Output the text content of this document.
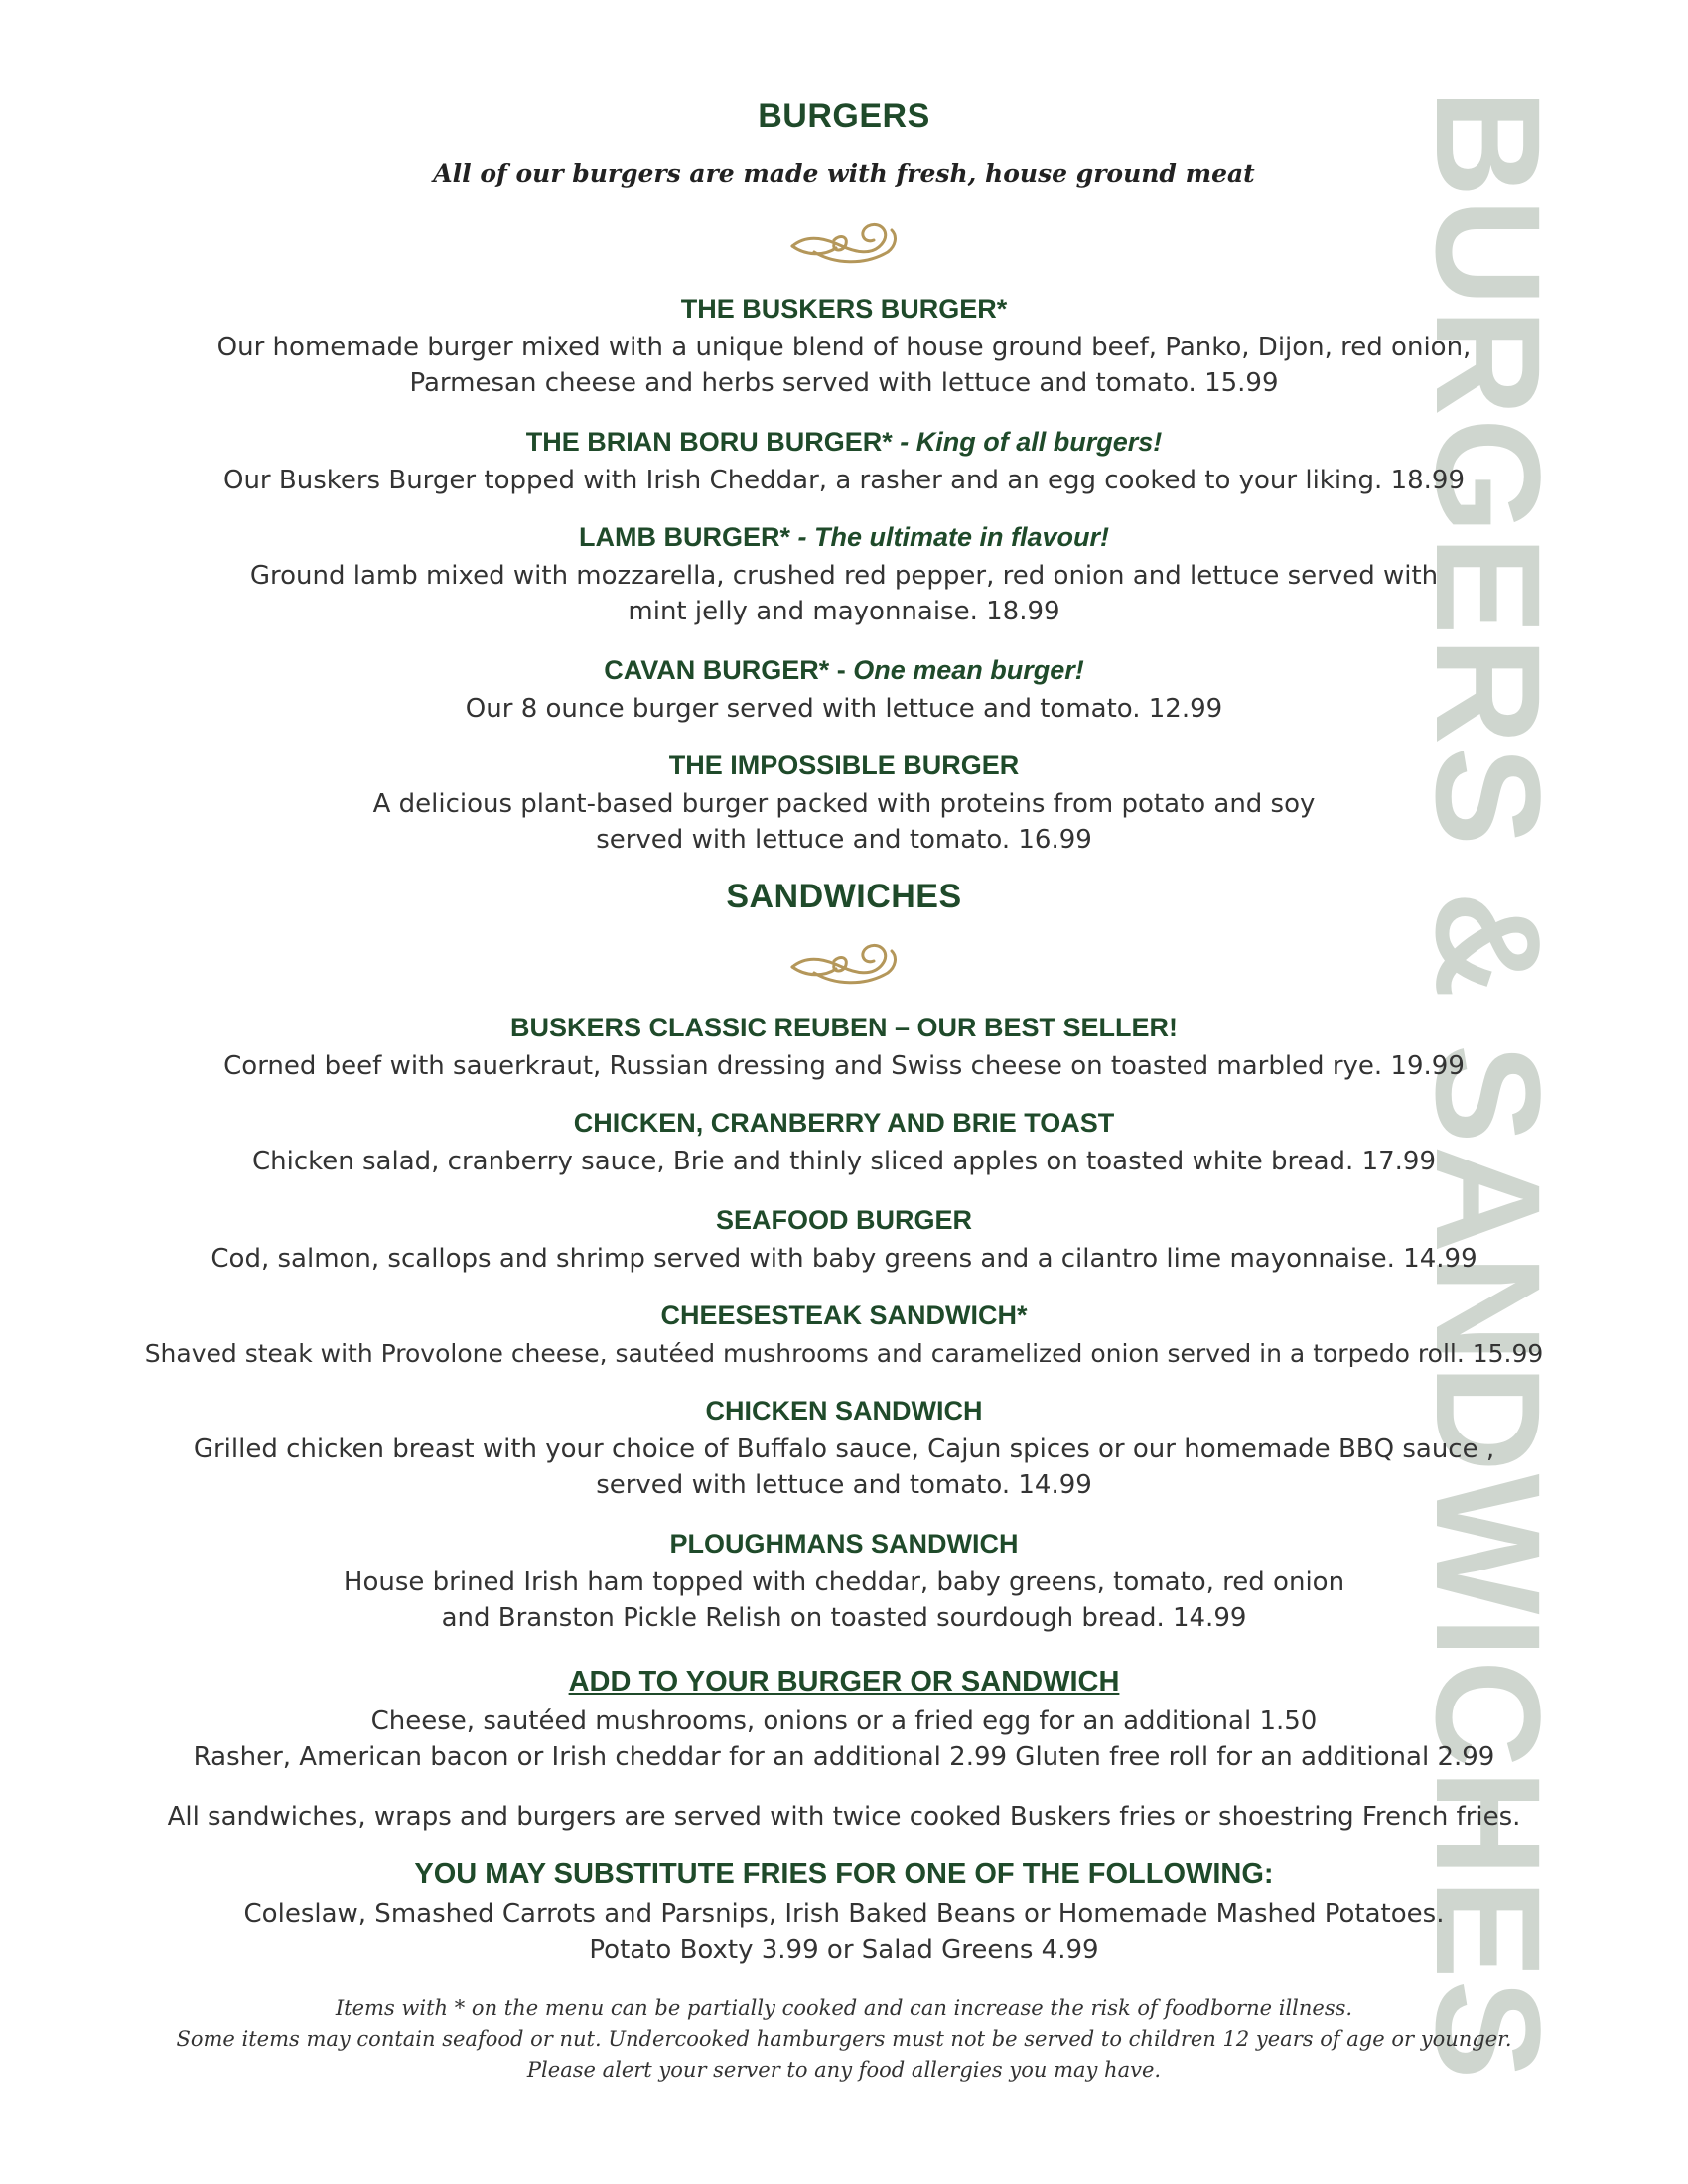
BURGERS & SANDWICHES
BURGERS
All of our burgers are made with fresh, house ground meat
THE BUSKERS BURGER*
Our homemade burger mixed with a unique blend of house ground beef, Panko, Dijon, red onion,
Parmesan cheese and herbs served with lettuce and tomato. 15.99
THE BRIAN BORU BURGER* - King of all burgers!
Our Buskers Burger topped with Irish Cheddar, a rasher and an egg cooked to your liking. 18.99
LAMB BURGER* - The ultimate in flavour!
Ground lamb mixed with mozzarella, crushed red pepper, red onion and lettuce served with
mint jelly and mayonnaise. 18.99
CAVAN BURGER* - One mean burger!
Our 8 ounce burger served with lettuce and tomato. 12.99
THE IMPOSSIBLE BURGER
A delicious plant-based burger packed with proteins from potato and soy
served with lettuce and tomato. 16.99
SANDWICHES
BUSKERS CLASSIC REUBEN – OUR BEST SELLER!
Corned beef with sauerkraut, Russian dressing and Swiss cheese on toasted marbled rye. 19.99
CHICKEN, CRANBERRY AND BRIE TOAST
Chicken salad, cranberry sauce, Brie and thinly sliced apples on toasted white bread. 17.99
SEAFOOD BURGER
Cod, salmon, scallops and shrimp served with baby greens and a cilantro lime mayonnaise. 14.99
CHEESESTEAK SANDWICH*
Shaved steak with Provolone cheese, sautéed mushrooms and caramelized onion served in a torpedo roll. 15.99
CHICKEN SANDWICH
Grilled chicken breast with your choice of Buffalo sauce, Cajun spices or our homemade BBQ sauce ,
served with lettuce and tomato. 14.99
PLOUGHMANS SANDWICH
House brined Irish ham topped with cheddar, baby greens, tomato, red onion
and Branston Pickle Relish on toasted sourdough bread. 14.99
ADD TO YOUR BURGER OR SANDWICH
Cheese, sautéed mushrooms, onions or a fried egg for an additional 1.50
Rasher, American bacon or Irish cheddar for an additional 2.99 Gluten free roll for an additional 2.99
All sandwiches, wraps and burgers are served with twice cooked Buskers fries or shoestring French fries.
YOU MAY SUBSTITUTE FRIES FOR ONE OF THE FOLLOWING:
Coleslaw, Smashed Carrots and Parsnips, Irish Baked Beans or Homemade Mashed Potatoes.
Potato Boxty 3.99 or Salad Greens 4.99
Items with * on the menu can be partially cooked and can increase the risk of foodborne illness.
Some items may contain seafood or nut. Undercooked hamburgers must not be served to children 12 years of age or younger.
Please alert your server to any food allergies you may have.
